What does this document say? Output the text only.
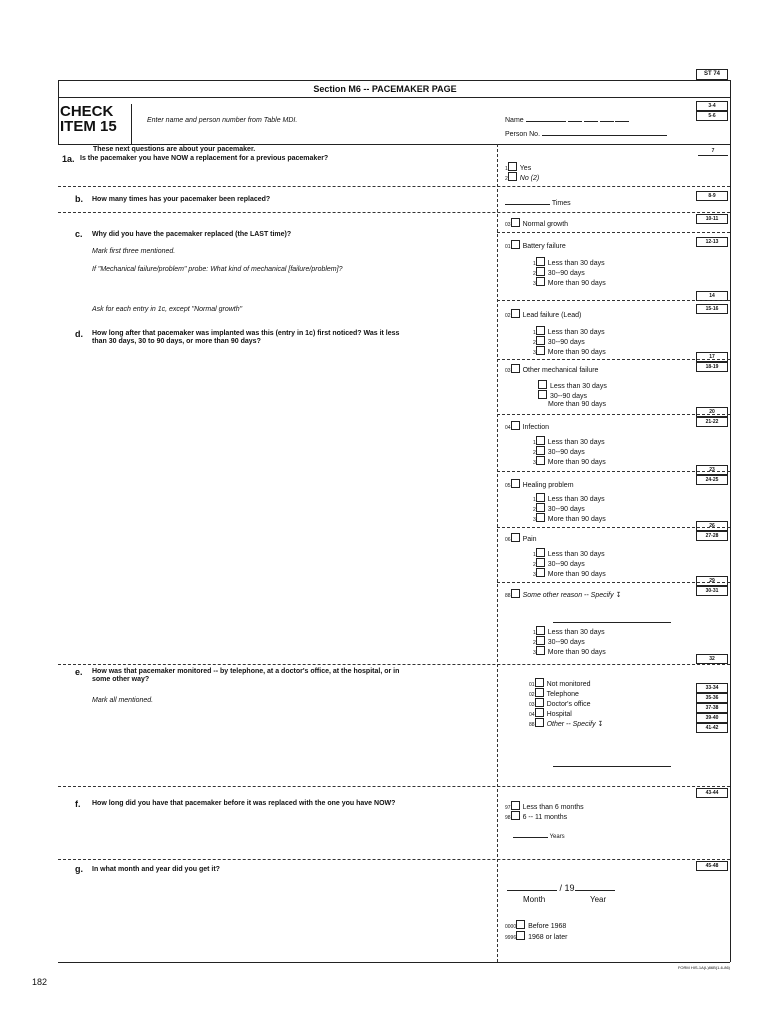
ST 74
Section M6 -- PACEMAKER PAGE
CHECK
ITEM 15	Enter name and person number from Table MDI.	Name
Person No.
3-4
5-6
These next questions are about your pacemaker.
1a. Is the pacemaker you have NOW a replacement for a previous pacemaker?
7
1 Yes
2 No (2)
b. How many times has your pacemaker been replaced?	8-9
Times
c. Why did you have the pacemaker replaced (the LAST time)?
Mark first three mentioned.
If "Mechanical failure/problem" probe: What kind of mechanical [failure/problem]?
Ask for each entry in 1c, except "Normal growth"
d. How long after that pacemaker was implanted was this (entry in 1c) first noticed? Was it less than 30 days, 30 to 90 days, or more than 90 days?
10-11
12-13
14
15-16
17
18-19
20
21-22
23
24-25
26
27-28
29
30-31
32
03 Normal growth
01 Battery failure
1 Less than 30 days
2 30--90 days
3 More than 90 days
02 Lead failure (Lead)
1 Less than 30 days
2 30--90 days
3 More than 90 days
03 Other mechanical failure
Less than 30 days
30--90 days
More than 90 days
04 Infection
1 Less than 30 days
2 30--90 days
3 More than 90 days
05 Healing problem
1 Less than 30 days
2 30--90 days
3 More than 90 days
06 Pain
1 Less than 30 days
2 30--90 days
3 More than 90 days
88 Some other reason -- Specify ↧
1 Less than 30 days
2 30--90 days
3 More than 90 days
e. How was that pacemaker monitored -- by telephone, at a doctor's office, at the hospital, or in some other way?
Mark all mentioned.
01 Not monitored
02 Telephone
03 Doctor's office
04 Hospital
88 Other -- Specify ↧
33-34
35-36
37-38
39-40
41-42
f. How long did you have that pacemaker before it was replaced with the one you have NOW?
43-44
97 Less than 6 months
98 6 -- 11 months
Years
g. In what month and year did you get it?	45-48
/ 19
Month	Year
0000 Before 1968
9996 1968 or later
FORM HIS-1A(L)86B(1-6-86)
182
